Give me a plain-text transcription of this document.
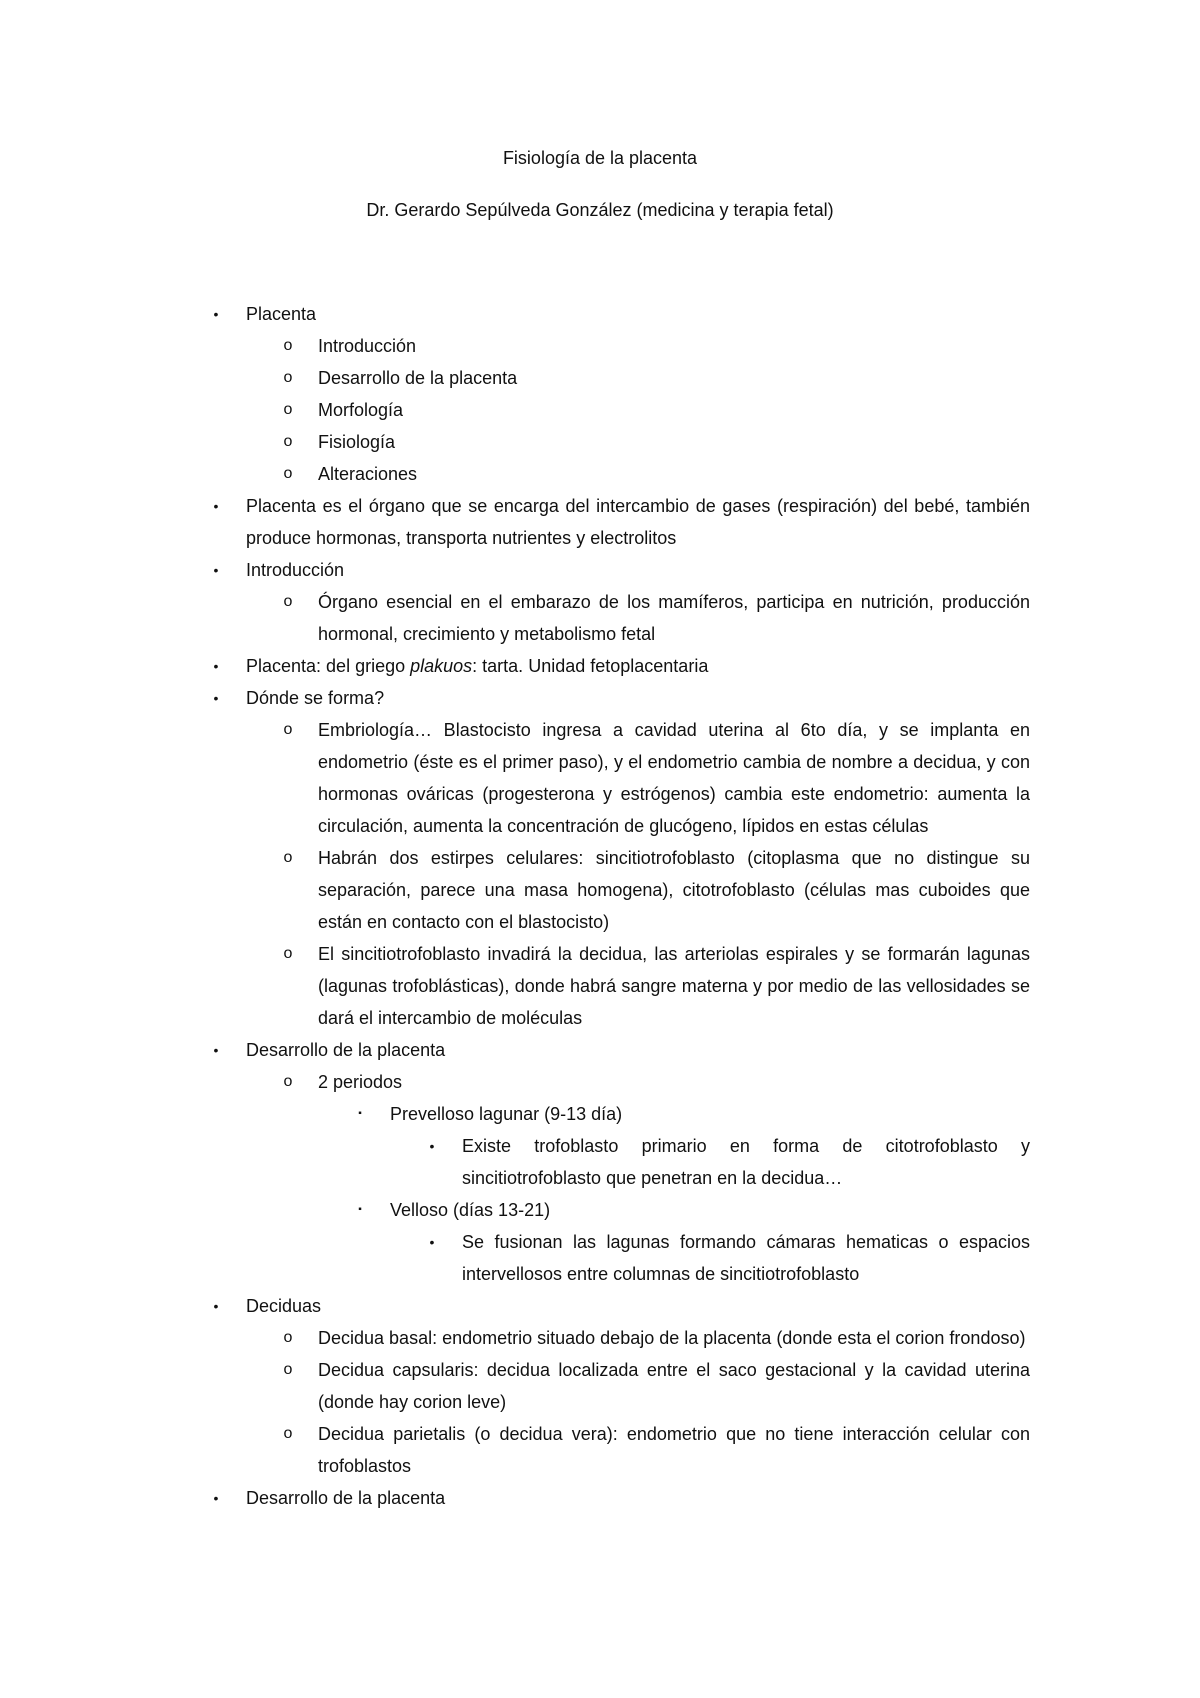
Fisiología de la placenta
Dr. Gerardo Sepúlveda González (medicina y terapia fetal)

•	Placenta

o	Introducción

o	Desarrollo de la placenta

o	Morfología

o	Fisiología

o	Alteraciones

•	Placenta es el órgano que se encarga del intercambio de gases (respiración) del bebé, también produce hormonas, transporta nutrientes y electrolitos

•	Introducción

o	Órgano esencial en el embarazo de los mamíferos, participa en nutrición, producción hormonal, crecimiento y metabolismo fetal

•	Placenta: del griego plakuos: tarta. Unidad fetoplacentaria

•	Dónde se forma?

o	Embriología… Blastocisto ingresa a cavidad uterina al 6to día, y se implanta en endometrio (éste es el primer paso), y el endometrio cambia de nombre a decidua, y con hormonas ováricas (progesterona y estrógenos) cambia este endometrio: aumenta la circulación, aumenta la concentración de glucógeno, lípidos en estas células

o	Habrán dos estirpes celulares: sincitiotrofoblasto (citoplasma que no distingue su separación, parece una masa homogena), citotrofoblasto (células mas cuboides que están en contacto con el blastocisto)

o	El sincitiotrofoblasto invadirá la decidua, las arteriolas espirales y se formarán lagunas (lagunas trofoblásticas), donde habrá sangre materna y por medio de las vellosidades se dará el intercambio de moléculas

•	Desarrollo de la placenta

o	2 periodos

▪	Prevelloso lagunar (9-13 día)

•	Existe trofoblasto primario en forma de citotrofoblasto y sincitiotrofoblasto que penetran en la decidua…

▪	Velloso (días 13-21)

•	Se fusionan las lagunas formando cámaras hematicas o espacios intervellosos entre columnas de sincitiotrofoblasto

•	Deciduas

o	Decidua basal: endometrio situado debajo de la placenta (donde esta el corion frondoso)

o	Decidua capsularis: decidua localizada entre el saco gestacional y la cavidad uterina (donde hay corion leve)

o	Decidua parietalis (o decidua vera): endometrio que no tiene interacción celular con trofoblastos

•	Desarrollo de la placenta
